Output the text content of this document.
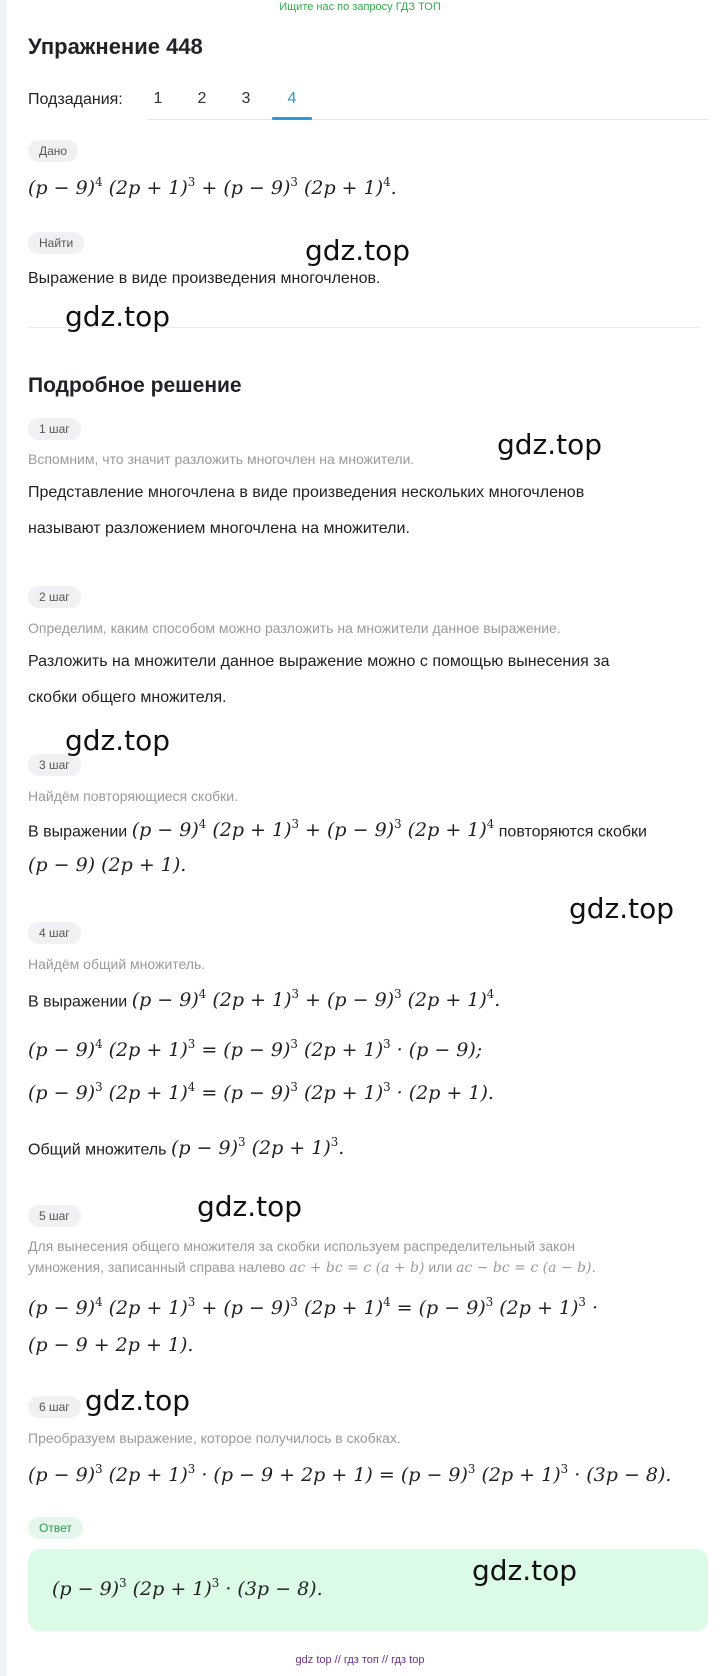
Ищите нас по запросу ГДЗ ТОП
Упражнение 448
Подзадания:	1	2	3	4
Дано
$(p - 9)^4$ $(2p + 1)^3 + (p - 9)^3$ $(2p + 1)^4$.
Найти
Выражение в виде произведения многочленов.
Подробное решение
1 шаг
Вспомним, что значит разложить многочлен на множители.
Представление многочлена в виде произведения нескольких многочленов
называют разложением многочлена на множители.
2 шаг
Определим, каким способом можно разложить на множители данное выражение.
Разложить на множители данное выражение можно с помощью вынесения за
скобки общего множителя.
3 шаг
Найдём повторяющиеся скобки.
В выражении $(p - 9)^4$ $(2p + 1)^3 + (p - 9)^3$ $(2p + 1)^4$ повторяются скобки
(p − 9) (2p + 1).
4 шаг
Найдём общий множитель.
В выражении $(p - 9)^4$ $(2p + 1)^3 + (p - 9)^3$ $(2p + 1)^4$.
$(p - 9)^4$ $(2p + 1)^3 = (p - 9)^3$ $(2p + 1)^3 \cdot (p - 9)$;
$(p - 9)^3$ $(2p + 1)^4 = (p - 9)^3$ $(2p + 1)^3 \cdot (2p + 1)$.
Общий множитель $(p - 9)^3$ $(2p + 1)^3$.
5 шаг
Для вынесения общего множителя за скобки используем распределительный закон
умножения, записанный справа налево ac + bc = c (a + b) или ac − bc = c (a − b).
$(p - 9)^4$ $(2p + 1)^3 + (p - 9)^3$ $(2p + 1)^4 = (p - 9)^3$ $(2p + 1)^3$ ·
(p − 9 + 2p + 1).
6 шаг
Преобразуем выражение, которое получилось в скобках.
$(p - 9)^3$ $(2p + 1)^3 \cdot (p - 9 + 2p + 1) = (p - 9)^3$ $(2p + 1)^3 \cdot (3p - 8)$.
Ответ
$(p - 9)^3$ $(2p + 1)^3 \cdot (3p - 8)$.
gdz.top
gdz.top
gdz.top
gdz.top
gdz.top
gdz.top
gdz.top
gdz.top
gdz top // гдз топ // гдз top
